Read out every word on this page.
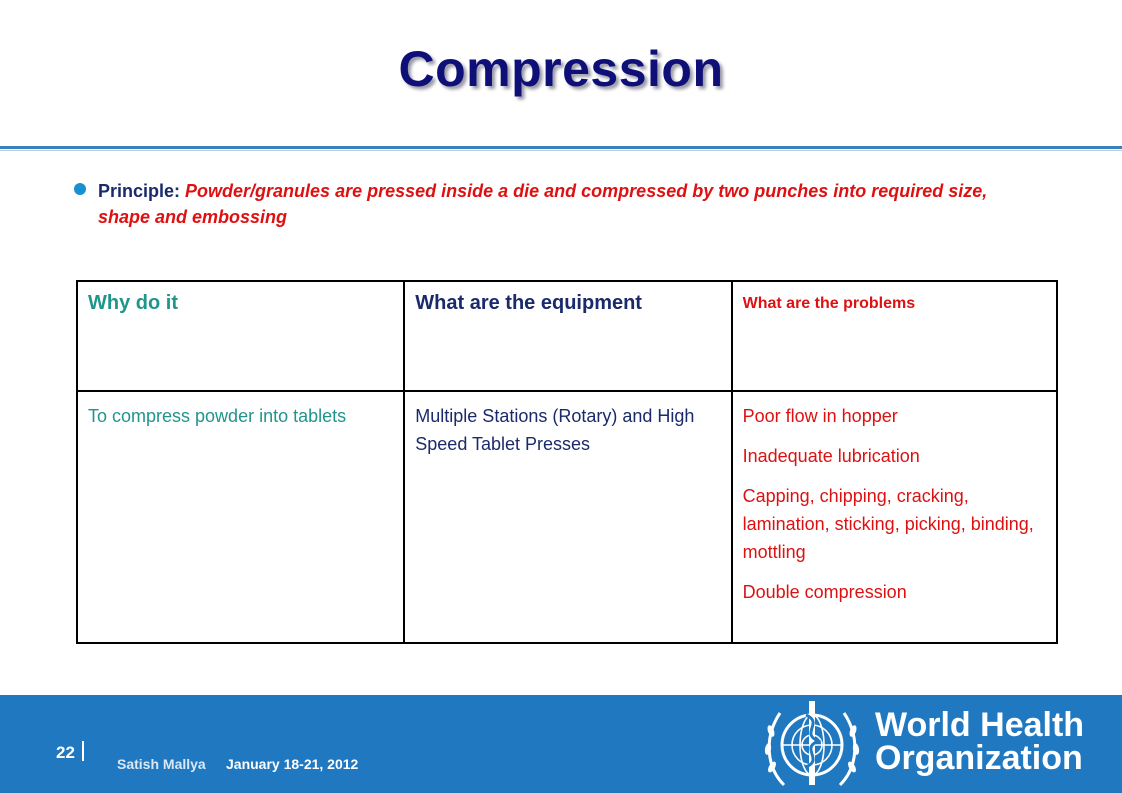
Compression
Principle: Powder/granules are pressed inside a die and compressed by two punches into required size, shape and embossing
Why do it	What are the equipment	What are the problems

To compress powder into tablets	Multiple Stations (Rotary) and High Speed Tablet Presses	Poor flow in hopper

Inadequate lubrication

Capping, chipping, cracking, lamination, sticking, picking, binding, mottling

Double compression

22
Satish Mallya January 18-21, 2012
World Health
Organization
